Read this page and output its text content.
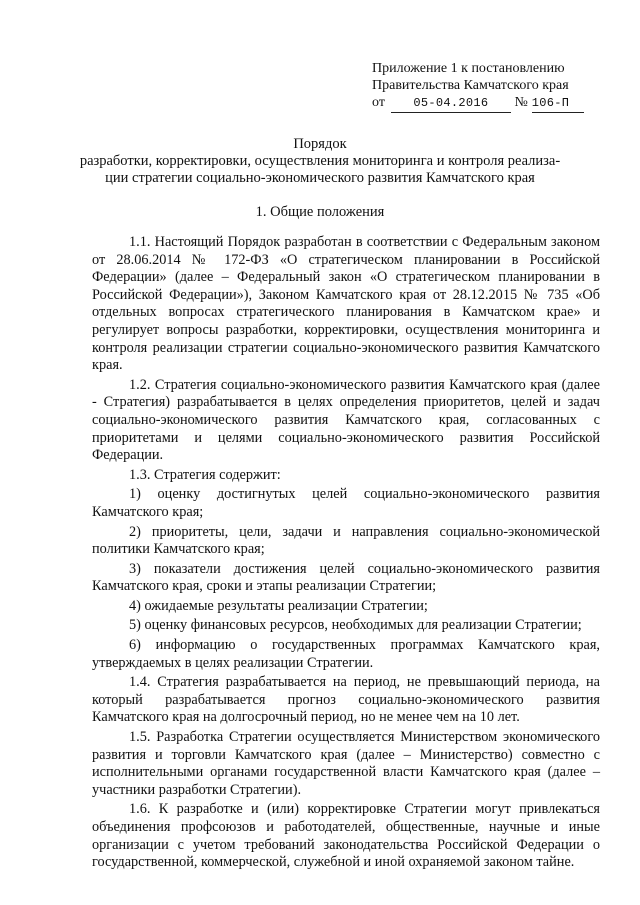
Приложение 1 к постановлению
Правительства Камчатского края
от 05-04.2016 № 106-П
Порядок
разработки, корректировки, осуществления мониторинга и контроля реализа-
ции стратегии социально-экономического развития Камчатского края
1. Общие положения

1.1. Настоящий Порядок разработан в соответствии с Федеральным законом от 28.06.2014 № 172-ФЗ «О стратегическом планировании в Российской Федерации» (далее – Федеральный закон «О стратегическом планировании в Российской Федерации»), Законом Камчатского края от 28.12.2015 № 735 «Об отдельных вопросах стратегического планирования в Камчатском крае» и регулирует вопросы разработки, корректировки, осуществления мониторинга и контроля реализации стратегии социально-экономического развития Камчатского края.

1.2. Стратегия социально-экономического развития Камчатского края (далее - Стратегия) разрабатывается в целях определения приоритетов, целей и задач социально-экономического развития Камчатского края, согласованных с приоритетами и целями социально-экономического развития Российской Федерации.

1.3. Стратегия содержит:

1) оценку достигнутых целей социально-экономического развития Камчатского края;

2) приоритеты, цели, задачи и направления социально-экономической политики Камчатского края;

3) показатели достижения целей социально-экономического развития Камчатского края, сроки и этапы реализации Стратегии;

4) ожидаемые результаты реализации Стратегии;

5) оценку финансовых ресурсов, необходимых для реализации Стратегии;

6) информацию о государственных программах Камчатского края, утверждаемых в целях реализации Стратегии.

1.4. Стратегия разрабатывается на период, не превышающий периода, на который разрабатывается прогноз социально-экономического развития Камчатского края на долгосрочный период, но не менее чем на 10 лет.

1.5. Разработка Стратегии осуществляется Министерством экономического развития и торговли Камчатского края (далее – Министерство) совместно с исполнительными органами государственной власти Камчатского края (далее – участники разработки Стратегии).

1.6. К разработке и (или) корректировке Стратегии могут привлекаться объединения профсоюзов и работодателей, общественные, научные и иные организации с учетом требований законодательства Российской Федерации о государственной, коммерческой, служебной и иной охраняемой законом тайне.
